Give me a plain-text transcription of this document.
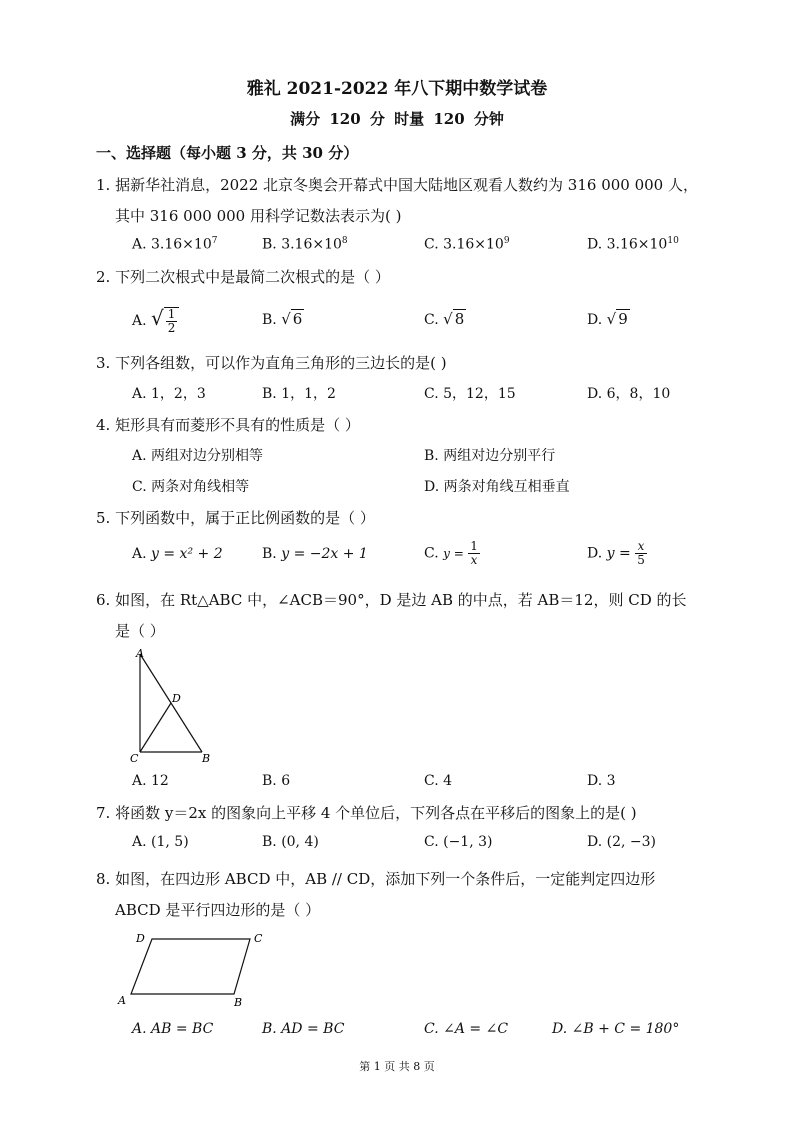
雅礼 2021-2022 年八下期中数学试卷
满分 120 分 时量 120 分钟
一、选择题（每小题 3 分，共 30 分）
1. 据新华社消息，2022 北京冬奥会开幕式中国大陆地区观看人数约为 316 000 000 人，
其中 316 000 000 用科学记数法表示为( )
A. $3.16\times 10^7$	B. $3.16\times 10^8$	C. $3.16\times 10^9$	D. $3.16\times 10^{10}$
2. 下列二次根式中是最简二次根式的是（ ）
A. √ $\frac{1}{2}$	B. √ 6	C. √ 8	D. √ 9
3. 下列各组数，可以作为直角三角形的三边长的是( )
A. 1，2，3	B. 1，1，2	C. 5，12，15	D. 6，8，10
4. 矩形具有而菱形不具有的性质是（ ）
A. 两组对边分别相等	B. 两组对边分别平行
C. 两条对角线相等	D. 两条对角线互相垂直
5. 下列函数中，属于正比例函数的是（ ）
A. y = x² + 2	B. y = −2x + 1	C. $y = \frac{1}{x}$	D. $y = \frac{x}{5}$
6. 如图，在 Rt△ABC 中，∠ACB＝90°，D 是边 AB 的中点，若 AB＝12，则 CD 的长
是（ ）
A
D
C	B
A. 12	B. 6	C. 4	D. 3
7. 将函数 y＝2x 的图象向上平移 4 个单位后，下列各点在平移后的图象上的是( )
A. (1, 5)	B. (0, 4)	C. (−1, 3)	D. (2, −3)
8. 如图，在四边形 ABCD 中，AB // CD，添加下列一个条件后，一定能判定四边形
ABCD 是平行四边形的是（ ）
D	C
A	B
A. AB = BC	B. AD = BC	C. ∠A = ∠C	D. ∠B + C = 180°
第 1 页 共 8 页
